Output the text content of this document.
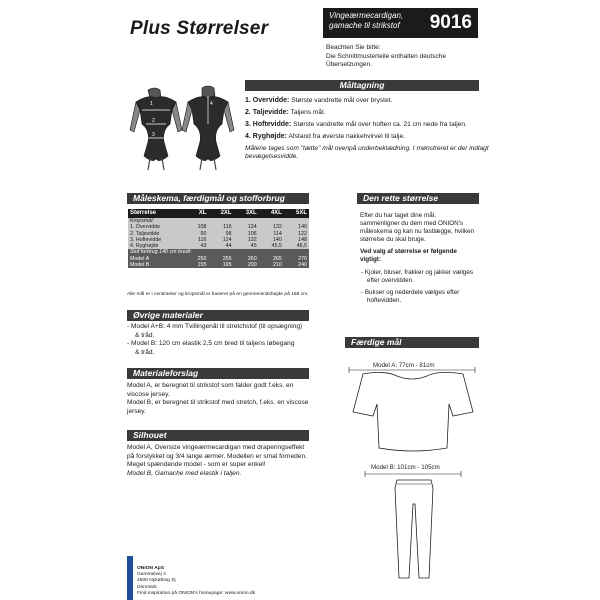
Plus Størrelser
Vingeærmecardigan,
gamache til strikstof	9016
Beachten Sie bitte:
Die Schnittmusterteile enthalten deutsche
Übersetzungen.
Måltagning
1
2
3
4	1. Overvidde: Største vandrette mål over brystet.
2. Taljevidde: Taljens mål.
3. Hoftevidde: Største vandrette mål over hoften ca. 21 cm nede fra taljen.
4. Ryghøjde: Afstand fra øverste nakkehvirvel til talje.
Målene tages som "tætte" mål ovenpå underbeklædning. I mønstreret er der indlagt bevægelsesvidde.
Måleskema, færdigmål og stofforbrug
Størrelse	XL	2XL	3XL	4XL	5XL
Kropsmål:					
1. Overvidde	108	116	124	132	140
2. Taljevidde	90	98	106	114	122
3. Hoftevidde	116	124	132	140	148
4. Ryghøjde	43	44	45	45,5	46,5
Stof forbrug 140 cm bredt:					
Model A	250	255	260	265	270
Model B	155	195	200	210	240
Alle mål er i centimeter og kropsmål er baseret på en gennemsnitshøjde på 168 cm.
Øvrige materialer
- Model A+B: 4 mm Tvillingenål til stretchstof (til opsægning)
& tråd.
- Model B: 120 cm elastik 2,5 cm bred til taljens løbegang
& tråd.
Materialeforslag
Model A, er beregnet til strikstof som falder godt f.eks. en
viscose jersey.
Model B, er beregnet til strikstof med stretch, f.eks. en viscose
jersey.
Silhouet
Model A, Oversize vingeærmecardigan med draperingseffekt
på forstykket og 3/4 lange ærmer. Modellen er smal forneden.
Meget spændende model - som er super enkel!
Model B, Gamache med elastik i taljen.
Den rette størrelse

Efter du har taget dine mål, sammenligner du dem med ONION's måleskema og kan nu fastlægge, hvilken størrelse du skal bruge.

Ved valg af størrelse er følgende vigtigt:

- Kjoler, bluser, frakker og jakker vælges efter overvidden.
- Bukser og nederdele vælges efter hoftevidden.
Færdige mål
Model A: 77cm - 81cm
Model B: 101cm - 105cm
ONION ApS
Gammelvej 4
4500 Nykøbing Sj
Denmark
Find inspiration på ONION's homepage: www.onion.dk
